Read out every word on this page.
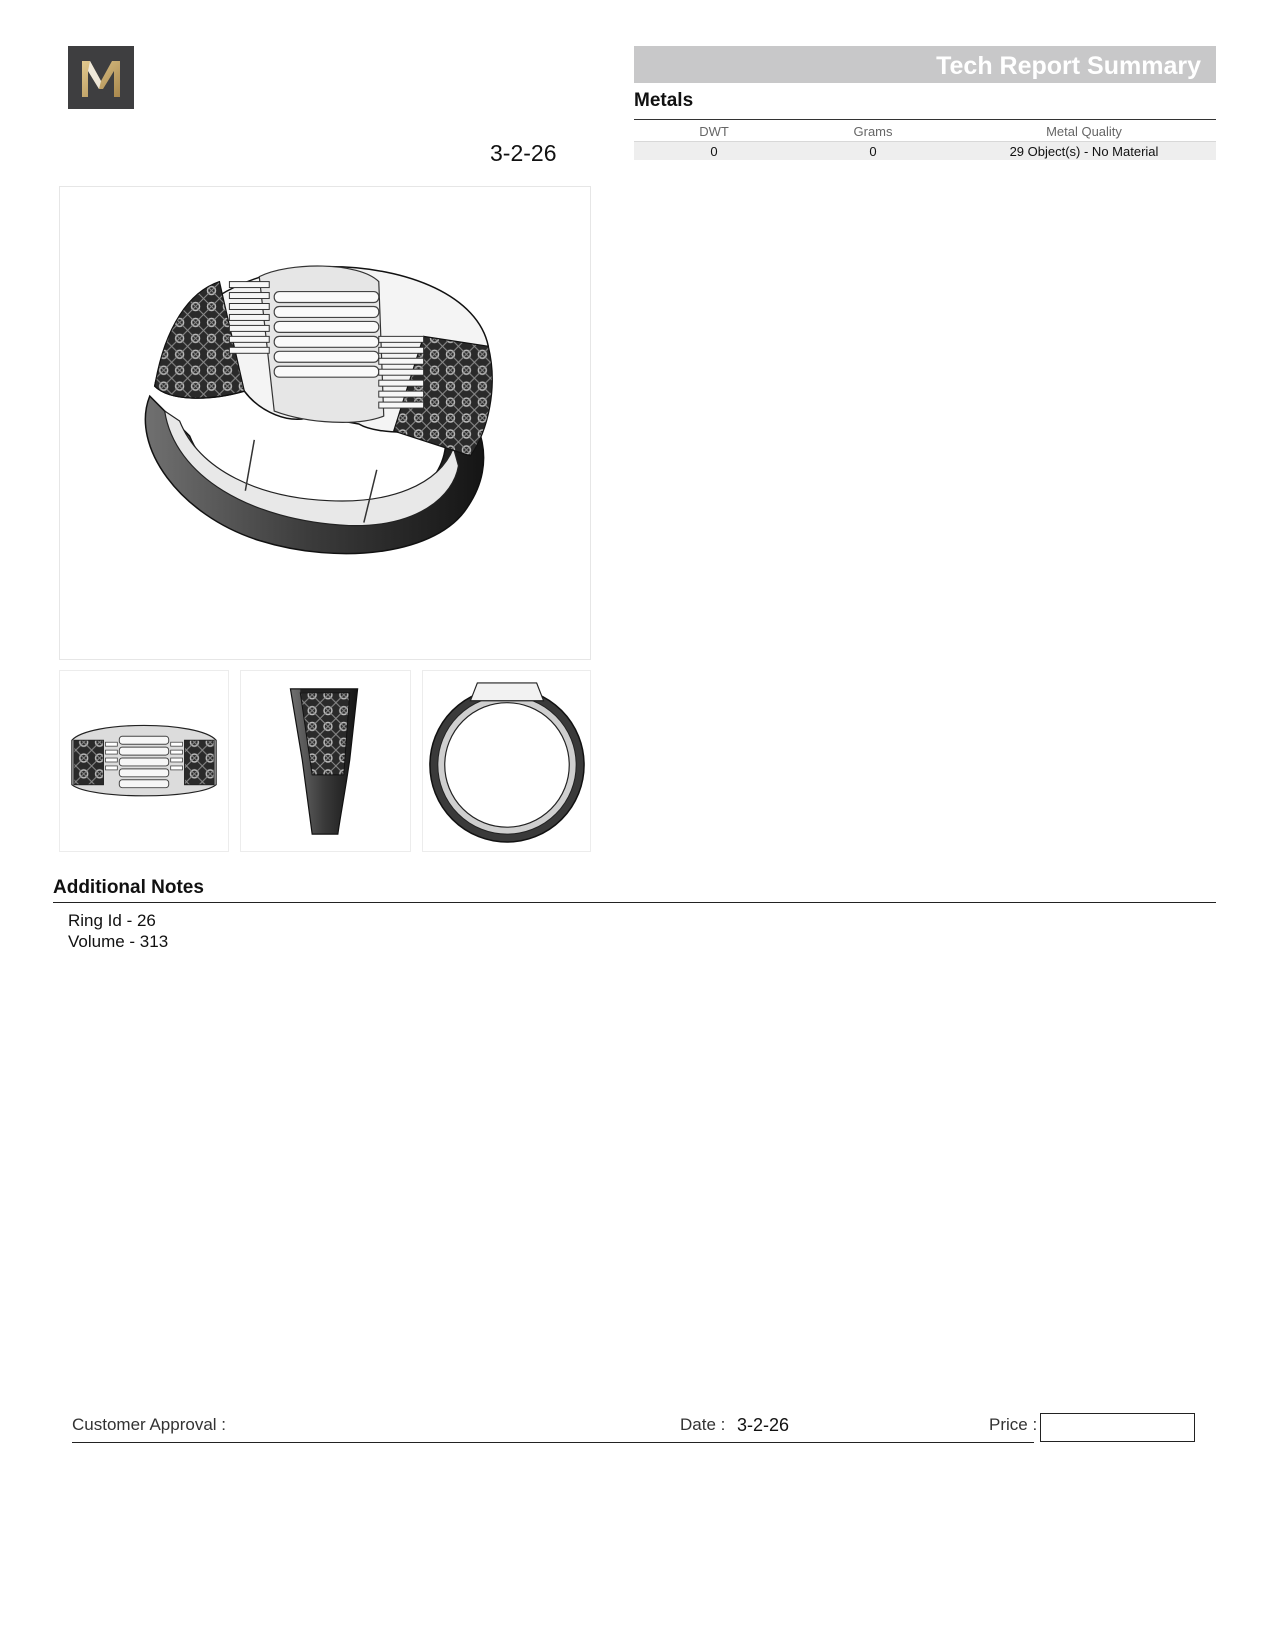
3-2-26
Tech Report Summary
Metals
DWT	Grams	Metal Quality
0	0	29 Object(s) - No Material
Additional Notes
Ring Id - 26
Volume - 313
Customer Approval :	Date : 3-2-26	Price :
